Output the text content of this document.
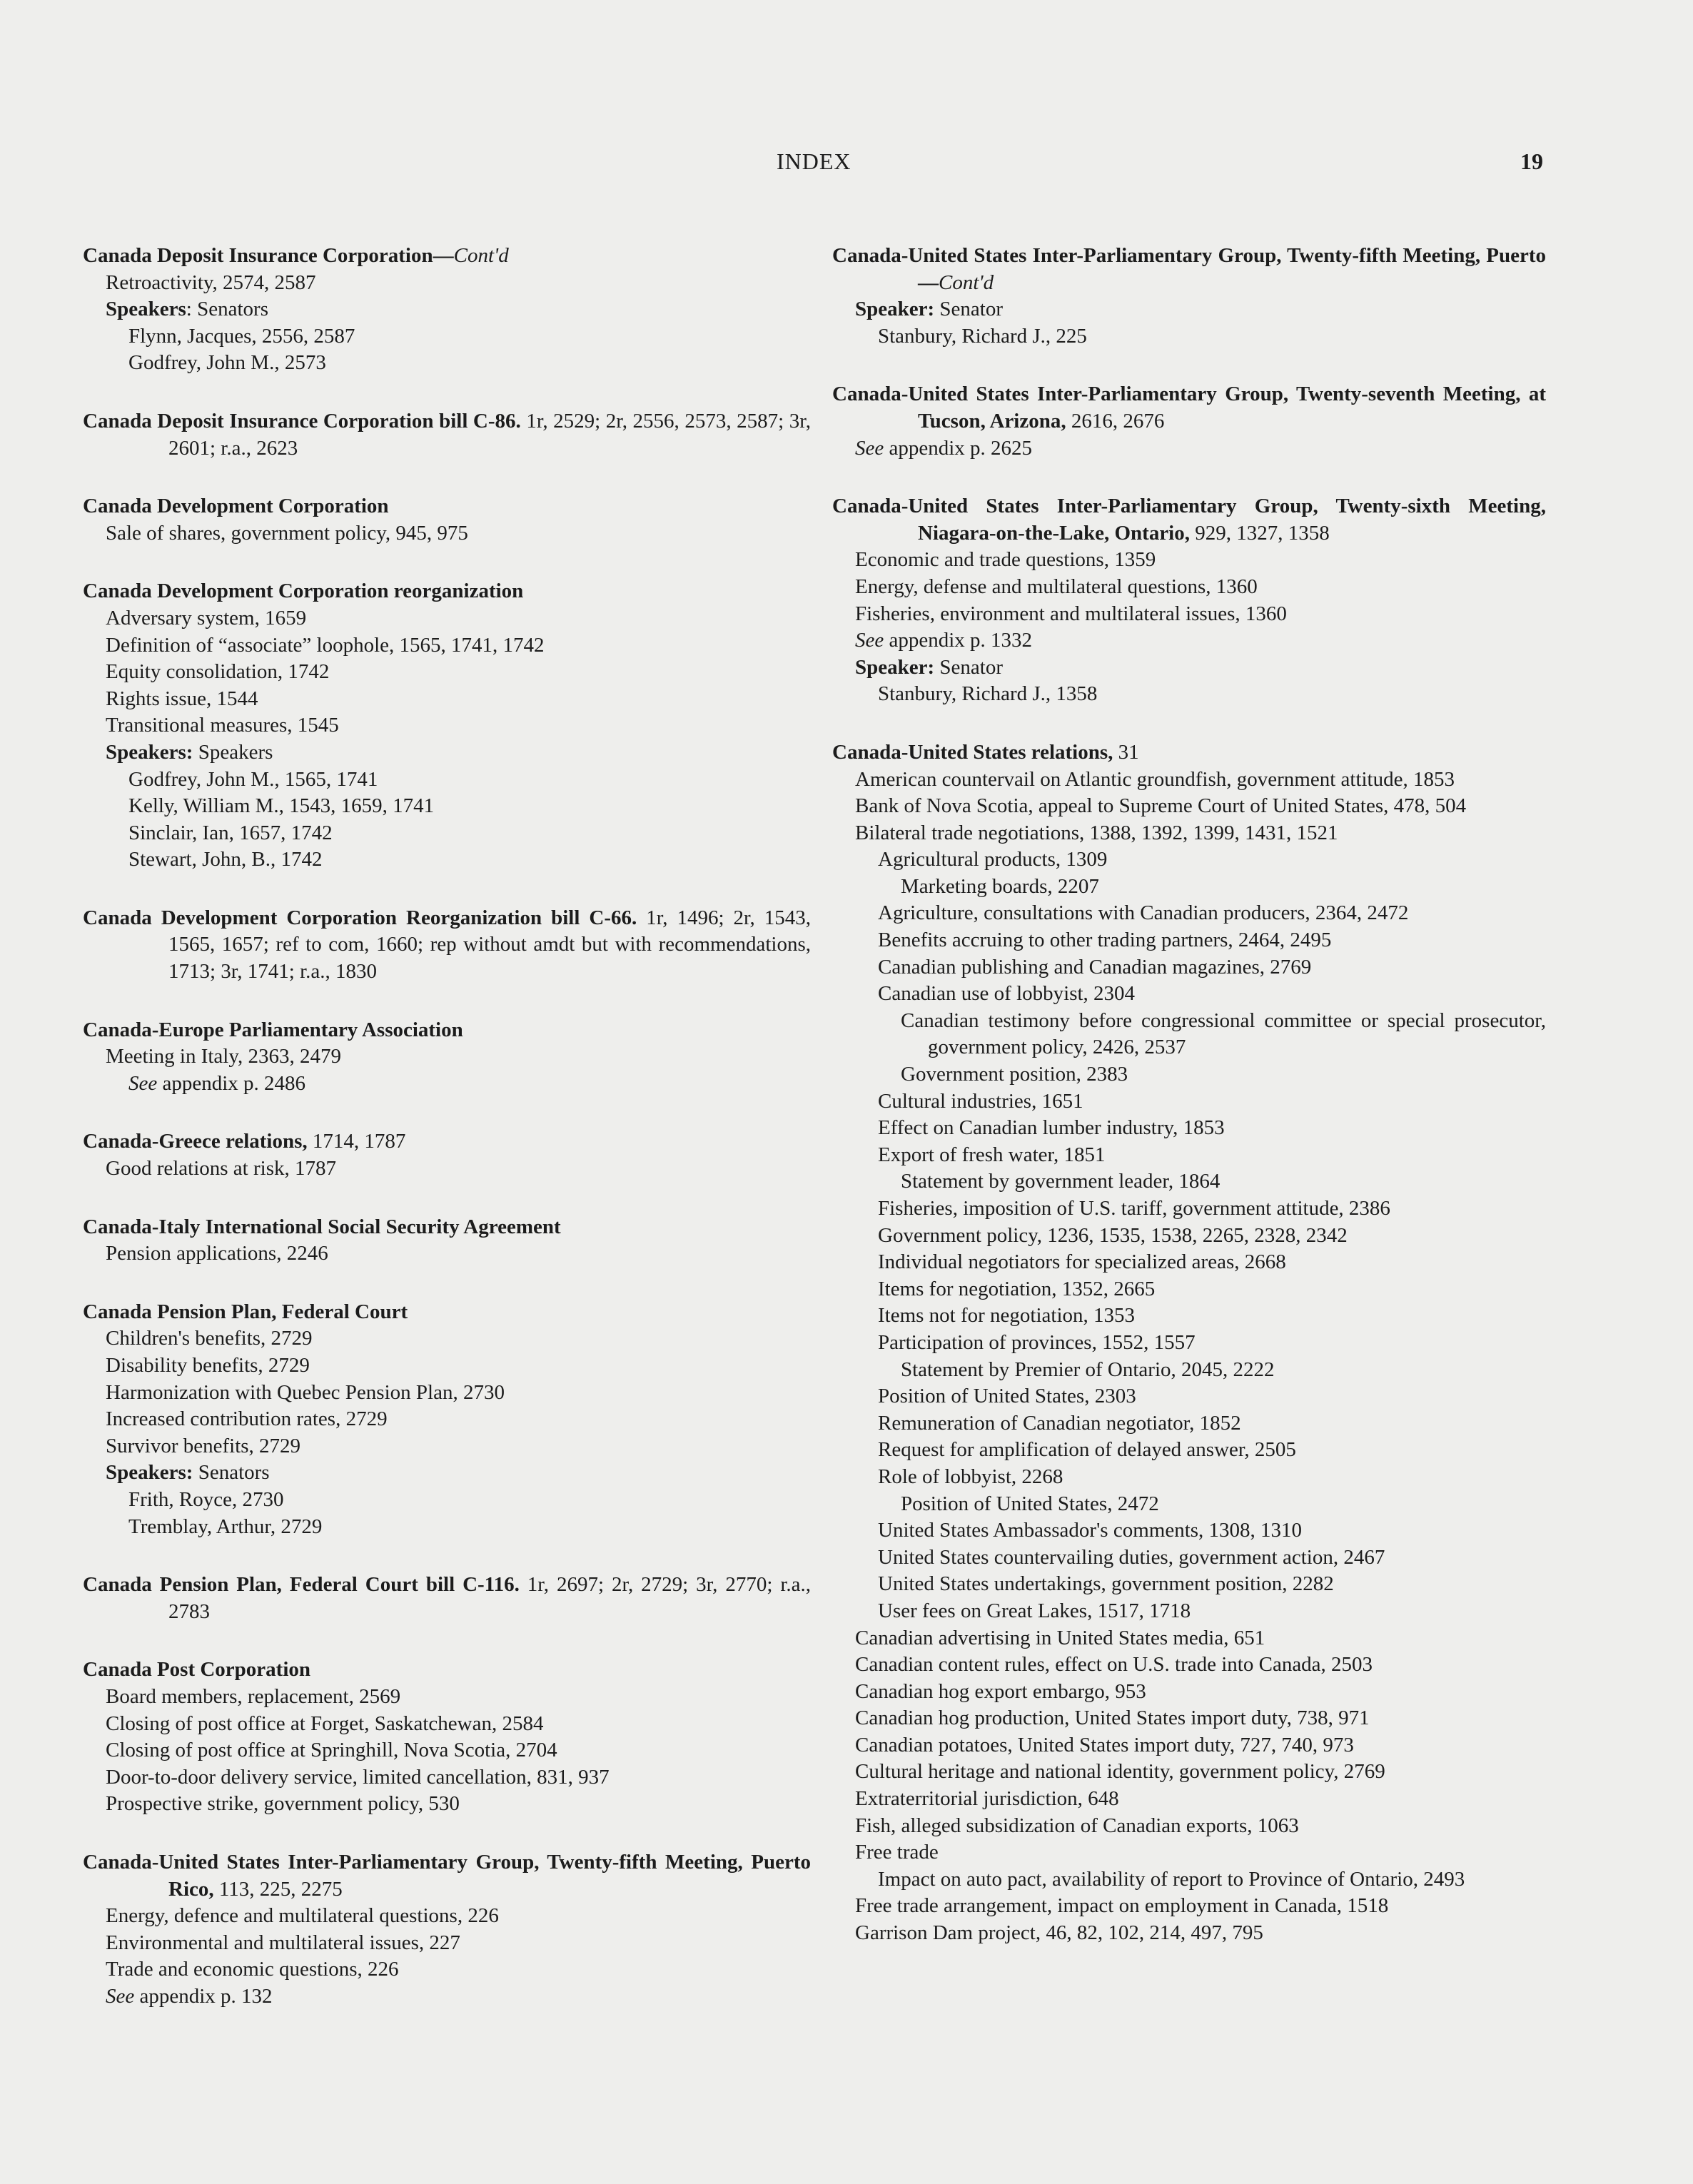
INDEX	19
Canada Deposit Insurance Corporation—Cont'd
Retroactivity, 2574, 2587
Speakers: Senators
Flynn, Jacques, 2556, 2587
Godfrey, John M., 2573
Canada Deposit Insurance Corporation bill C-86. 1r, 2529; 2r, 2556, 2573, 2587; 3r, 2601; r.a., 2623
Canada Development Corporation
Sale of shares, government policy, 945, 975
Canada Development Corporation reorganization
Adversary system, 1659
Definition of “associate” loophole, 1565, 1741, 1742
Equity consolidation, 1742
Rights issue, 1544
Transitional measures, 1545
Speakers: Speakers
Godfrey, John M., 1565, 1741
Kelly, William M., 1543, 1659, 1741
Sinclair, Ian, 1657, 1742
Stewart, John, B., 1742
Canada Development Corporation Reorganization bill C-66. 1r, 1496; 2r, 1543, 1565, 1657; ref to com, 1660; rep without amdt but with recommendations, 1713; 3r, 1741; r.a., 1830
Canada-Europe Parliamentary Association
Meeting in Italy, 2363, 2479
See appendix p. 2486
Canada-Greece relations, 1714, 1787
Good relations at risk, 1787
Canada-Italy International Social Security Agreement
Pension applications, 2246
Canada Pension Plan, Federal Court
Children's benefits, 2729
Disability benefits, 2729
Harmonization with Quebec Pension Plan, 2730
Increased contribution rates, 2729
Survivor benefits, 2729
Speakers: Senators
Frith, Royce, 2730
Tremblay, Arthur, 2729
Canada Pension Plan, Federal Court bill C-116. 1r, 2697; 2r, 2729; 3r, 2770; r.a., 2783
Canada Post Corporation
Board members, replacement, 2569
Closing of post office at Forget, Saskatchewan, 2584
Closing of post office at Springhill, Nova Scotia, 2704
Door-to-door delivery service, limited cancellation, 831, 937
Prospective strike, government policy, 530
Canada-United States Inter-Parliamentary Group, Twenty-fifth Meeting, Puerto Rico, 113, 225, 2275
Energy, defence and multilateral questions, 226
Environmental and multilateral issues, 227
Trade and economic questions, 226
See appendix p. 132
Canada-United States Inter-Parliamentary Group, Twenty-fifth Meeting, Puerto—Cont'd
Speaker: Senator
Stanbury, Richard J., 225
Canada-United States Inter-Parliamentary Group, Twenty-seventh Meeting, at Tucson, Arizona, 2616, 2676
See appendix p. 2625
Canada-United States Inter-Parliamentary Group, Twenty-sixth Meeting, Niagara-on-the-Lake, Ontario, 929, 1327, 1358
Economic and trade questions, 1359
Energy, defense and multilateral questions, 1360
Fisheries, environment and multilateral issues, 1360
See appendix p. 1332
Speaker: Senator
Stanbury, Richard J., 1358
Canada-United States relations, 31
American countervail on Atlantic groundfish, government attitude, 1853
Bank of Nova Scotia, appeal to Supreme Court of United States, 478, 504
Bilateral trade negotiations, 1388, 1392, 1399, 1431, 1521
Agricultural products, 1309
Marketing boards, 2207
Agriculture, consultations with Canadian producers, 2364, 2472
Benefits accruing to other trading partners, 2464, 2495
Canadian publishing and Canadian magazines, 2769
Canadian use of lobbyist, 2304
Canadian testimony before congressional committee or special prosecutor, government policy, 2426, 2537
Government position, 2383
Cultural industries, 1651
Effect on Canadian lumber industry, 1853
Export of fresh water, 1851
Statement by government leader, 1864
Fisheries, imposition of U.S. tariff, government attitude, 2386
Government policy, 1236, 1535, 1538, 2265, 2328, 2342
Individual negotiators for specialized areas, 2668
Items for negotiation, 1352, 2665
Items not for negotiation, 1353
Participation of provinces, 1552, 1557
Statement by Premier of Ontario, 2045, 2222
Position of United States, 2303
Remuneration of Canadian negotiator, 1852
Request for amplification of delayed answer, 2505
Role of lobbyist, 2268
Position of United States, 2472
United States Ambassador's comments, 1308, 1310
United States countervailing duties, government action, 2467
United States undertakings, government position, 2282
User fees on Great Lakes, 1517, 1718
Canadian advertising in United States media, 651
Canadian content rules, effect on U.S. trade into Canada, 2503
Canadian hog export embargo, 953
Canadian hog production, United States import duty, 738, 971
Canadian potatoes, United States import duty, 727, 740, 973
Cultural heritage and national identity, government policy, 2769
Extraterritorial jurisdiction, 648
Fish, alleged subsidization of Canadian exports, 1063
Free trade
Impact on auto pact, availability of report to Province of Ontario, 2493
Free trade arrangement, impact on employment in Canada, 1518
Garrison Dam project, 46, 82, 102, 214, 497, 795
